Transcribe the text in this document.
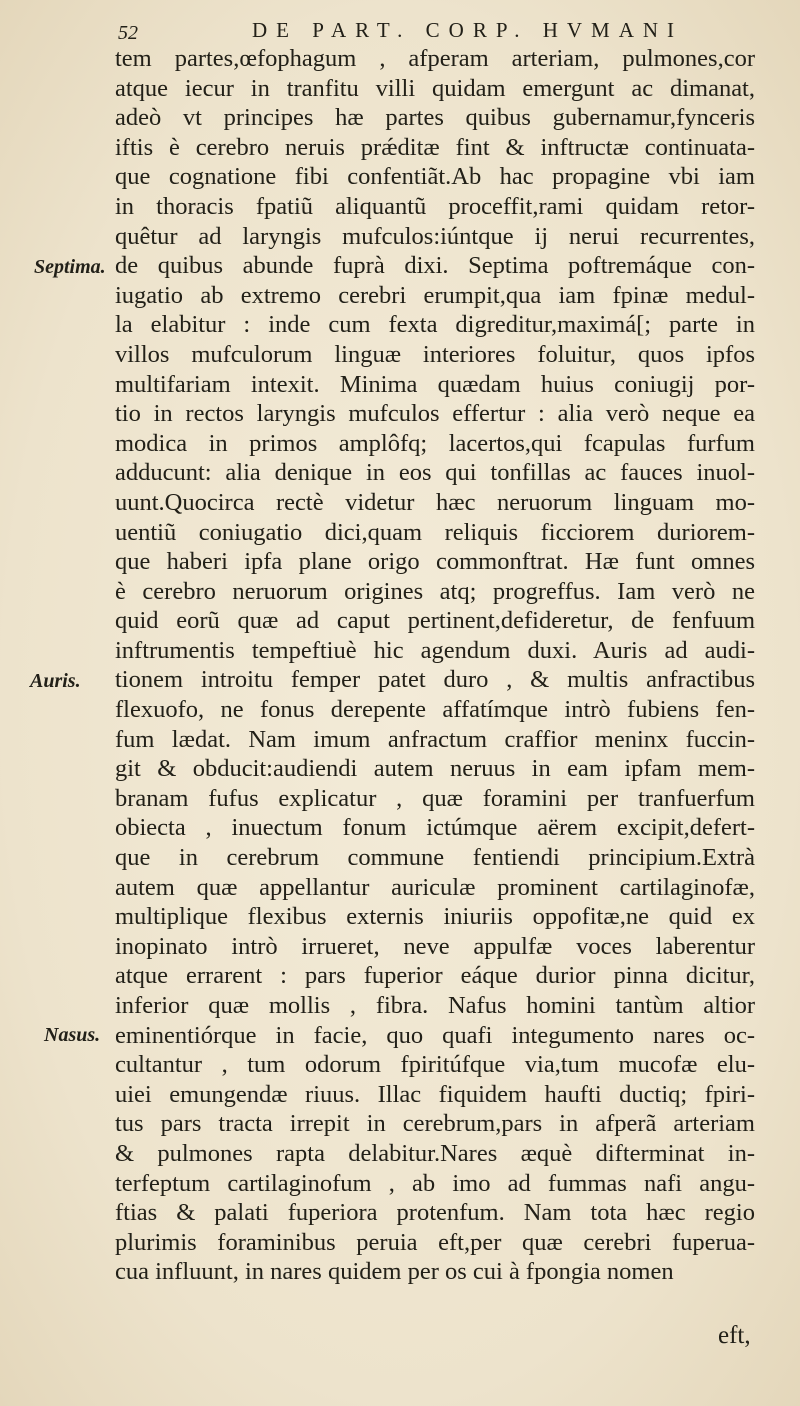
52	DE PART. CORP. HVMANI
Septima.
Auris.
Nasus.
tem partes,œfophagum , afperam arteriam, pulmones,cor
atque iecur in tranfitu villi quidam emergunt ac dimanat,
adeò vt principes hæ partes quibus gubernamur,fynceris
iftis è cerebro neruis prǽditæ fint & inftructæ continuata-
que cognatione fibi confentiãt.Ab hac propagine vbi iam
in thoracis fpatiũ aliquantũ proceffit,rami quidam retor-
quêtur ad laryngis mufculos:iúntque ij nerui recurrentes,
de quibus abunde fuprà dixi. Septima poftremáque con-
iugatio ab extremo cerebri erumpit,qua iam fpinæ medul-
la elabitur : inde cum fexta digreditur,maximá[; parte in
villos mufculorum linguæ interiores foluitur, quos ipfos
multifariam intexit. Minima quædam huius coniugij por-
tio in rectos laryngis mufculos effertur : alia verò neque ea
modica in primos amplôfq; lacertos,qui fcapulas furfum
adducunt: alia denique in eos qui tonfillas ac fauces inuol-
uunt.Quocirca rectè videtur hæc neruorum linguam mo-
uentiũ coniugatio dici,quam reliquis ficciorem duriorem-
que haberi ipfa plane origo commonftrat. Hæ funt omnes
è cerebro neruorum origines atq; progreffus. Iam verò ne
quid eorũ quæ ad caput pertinent,defideretur, de fenfuum
inftrumentis tempeftiuè hic agendum duxi. Auris ad audi-
tionem introitu femper patet duro , & multis anfractibus
flexuofo, ne fonus derepente affatímque intrò fubiens fen-
fum lædat. Nam imum anfractum craffior meninx fuccin-
git & obducit:audiendi autem neruus in eam ipfam mem-
branam fufus explicatur , quæ foramini per tranfuerfum
obiecta , inuectum fonum ictúmque aërem excipit,defert-
que in cerebrum commune fentiendi principium.Extrà
autem quæ appellantur auriculæ prominent cartilaginofæ,
multiplique flexibus externis iniuriis oppofitæ,ne quid ex
inopinato intrò irrueret, neve appulfæ voces laberentur
atque errarent : pars fuperior eáque durior pinna dicitur,
inferior quæ mollis , fibra. Nafus homini tantùm altior
eminentiórque in facie, quo quafi integumento nares oc-
cultantur , tum odorum fpiritúfque via,tum mucofæ elu-
uiei emungendæ riuus. Illac fiquidem haufti ductiq; fpiri-
tus pars tracta irrepit in cerebrum,pars in afperã arteriam
& pulmones rapta delabitur.Nares æquè difterminat in-
terfeptum cartilaginofum , ab imo ad fummas nafi angu-
ftias & palati fuperiora protenfum. Nam tota hæc regio
plurimis foraminibus peruia eft,per quæ cerebri fuperua-
cua influunt, in nares quidem per os cui à fpongia nomen
eft,
